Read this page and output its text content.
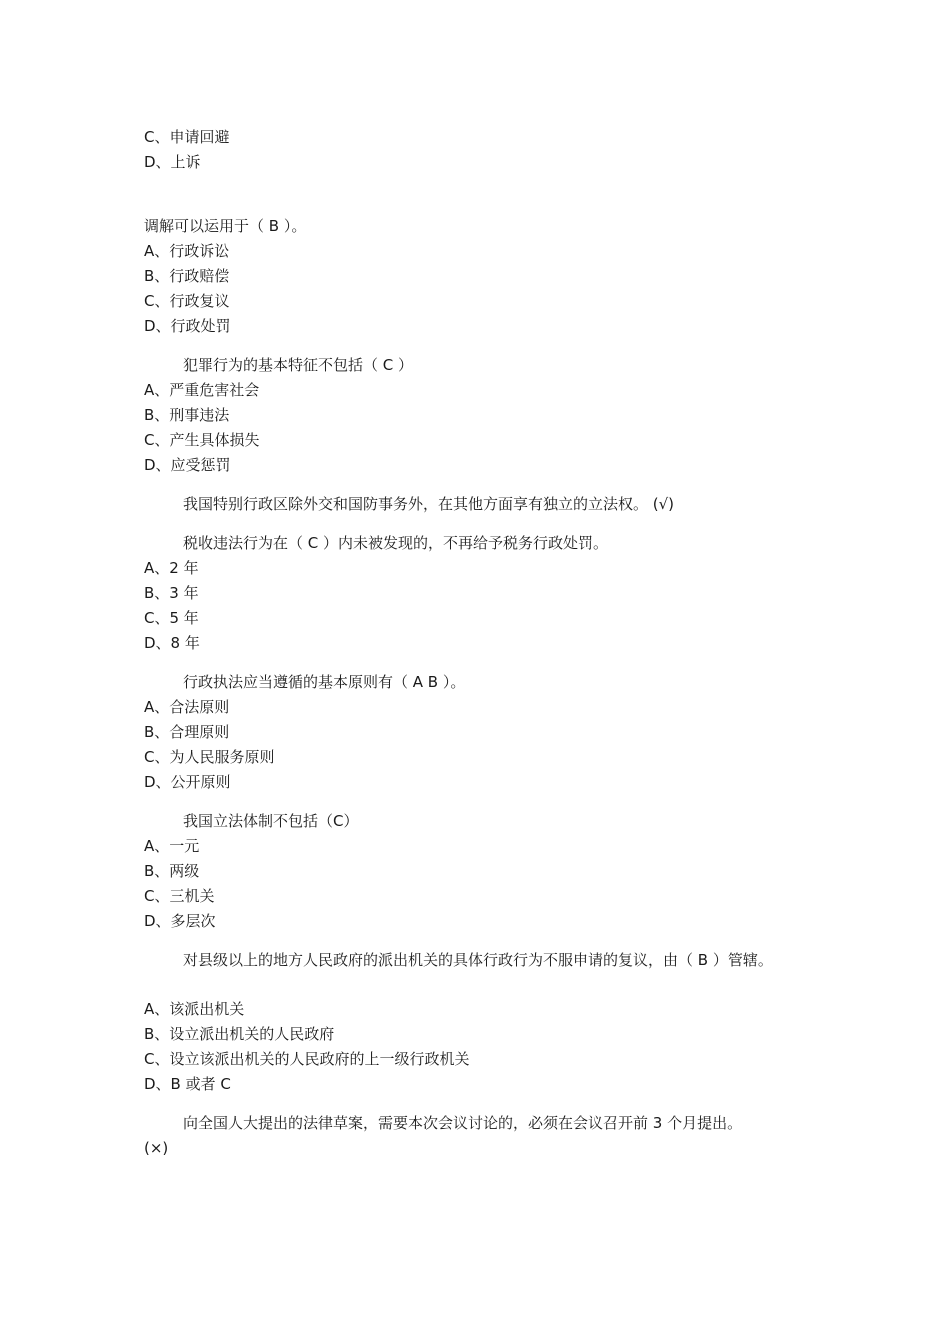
C、申请回避
D、上诉
调解可以运用于（ B ）。
A、行政诉讼
B、行政赔偿
C、行政复议
D、行政处罚
犯罪行为的基本特征不包括（ C ）
A、严重危害社会
B、刑事违法
C、产生具体损失
D、应受惩罚
我国特别行政区除外交和国防事务外，在其他方面享有独立的立法权。 (√)
税收违法行为在（ C ）内未被发现的，不再给予税务行政处罚。
A、2 年
B、3 年
C、5 年
D、8 年
行政执法应当遵循的基本原则有（ A B ）。
A、合法原则
B、合理原则
C、为人民服务原则
D、公开原则
我国立法体制不包括（C）
A、一元
B、两级
C、三机关
D、多层次
对县级以上的地方人民政府的派出机关的具体行政行为不服申请的复议，由（ B ）管辖。
A、该派出机关
B、设立派出机关的人民政府
C、设立该派出机关的人民政府的上一级行政机关
D、B 或者 C
向全国人大提出的法律草案，需要本次会议讨论的，必须在会议召开前 3 个月提出。
(×)
